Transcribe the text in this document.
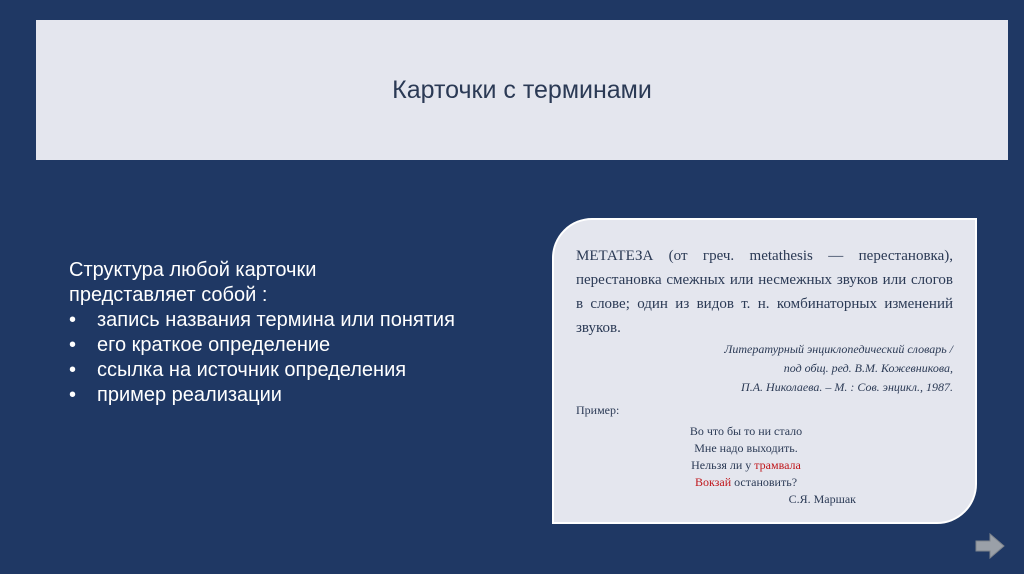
Карточки с терминами
Структура любой карточки
представляет собой :
• запись названия термина или понятия
• его краткое определение
• ссылка на источник определения
• пример реализации

МЕТАТЕЗА (от греч. metathesis — перестановка), перестановка смежных или несмежных звуков или слогов в слове; один из видов т. н. комбинаторных изменений звуков.

Литературный энциклопедический словарь /
под общ. ред. В.М. Кожевникова,
П.А. Николаева. – М. : Сов. энцикл., 1987.
Пример:
Во что бы то ни стало
Мне надо выходить.
Нельзя ли у трамвала
Вокзай остановить?
С.Я. Маршак
